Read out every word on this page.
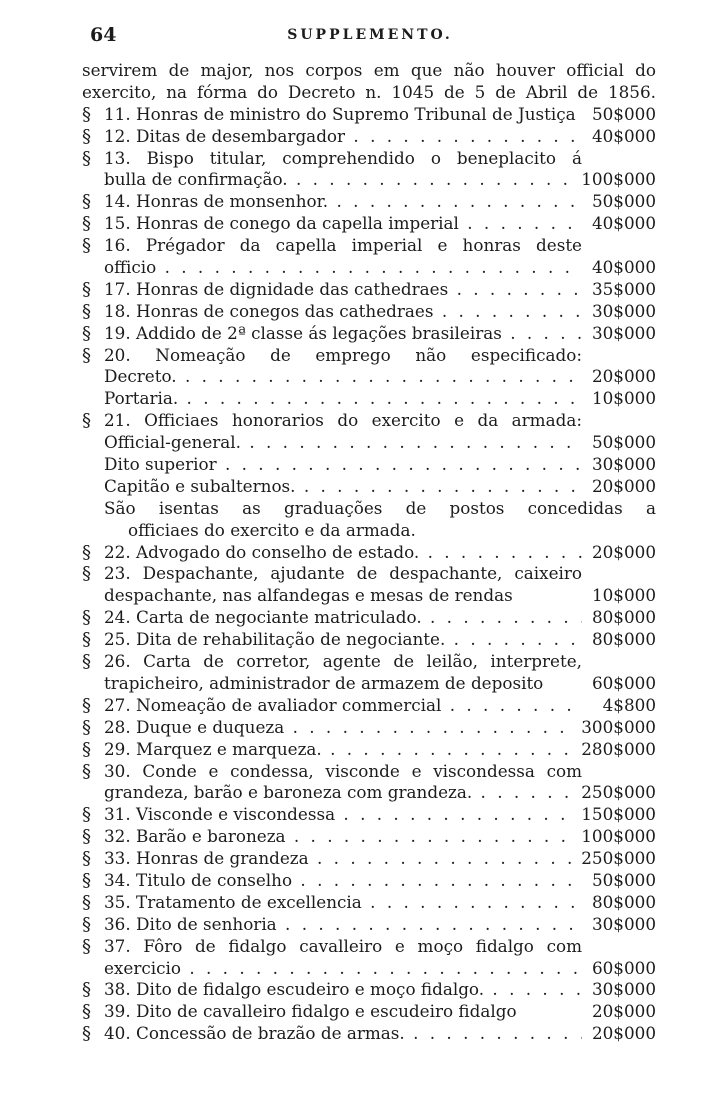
64	SUPPLEMENTO.
servirem de major, nos corpos em que não houver official do
exercito, na fórma do Decreto n. 1045 de 5 de Abril de 1856.
§ 11. Honras de ministro do Supremo Tribunal de Justiça . . . 50$000
§ 12. Ditas de desembargador . . .	40$000
§ 13. Bispo titular, comprehendido o beneplacito á
bulla de confirmação. . . .	100$000
§ 14. Honras de monsenhor. . . .	50$000
§ 15. Honras de conego da capella imperial . . .	40$000
§ 16. Prégador da capella imperial e honras deste
officio . . .	40$000
§ 17. Honras de dignidade das cathedraes . . .	35$000
§ 18. Honras de conegos das cathedraes . . .	30$000
§ 19. Addido de 2ª classe ás legações brasileiras . . .	30$000
§ 20. Nomeação de emprego não especificado:
Decreto. . . .	20$000
Portaria. . . .	10$000
§ 21. Officiaes honorarios do exercito e da armada:
Official-general. . . .	50$000
Dito superior . . .	30$000
Capitão e subalternos. . . .	20$000
São isentas as graduações de postos concedidas a
officiaes do exercito e da armada.
§ 22. Advogado do conselho de estado. . . .	20$000
§ 23. Despachante, ajudante de despachante, caixeiro
despachante, nas alfandegas e mesas de rendas	10$000
§ 24. Carta de negociante matriculado. . . .	80$000
§ 25. Dita de rehabilitação de negociante. . . .	80$000
§ 26. Carta de corretor, agente de leilão, interprete,
trapicheiro, administrador de armazem de deposito	60$000
§ 27. Nomeação de avaliador commercial . . .	4$800
§ 28. Duque e duqueza . . .	300$000
§ 29. Marquez e marqueza. . . .	280$000
§ 30. Conde e condessa, visconde e viscondessa com
grandeza, barão e baroneza com grandeza. . . .	250$000
§ 31. Visconde e viscondessa . . .	150$000
§ 32. Barão e baroneza . . .	100$000
§ 33. Honras de grandeza . . .	250$000
§ 34. Titulo de conselho . . .	50$000
§ 35. Tratamento de excellencia . . .	80$000
§ 36. Dito de senhoria . . .	30$000
§ 37. Fôro de fidalgo cavalleiro e moço fidalgo com
exercicio . . .	60$000
§ 38. Dito de fidalgo escudeiro e moço fidalgo. . . .	30$000
§ 39. Dito de cavalleiro fidalgo e escudeiro fidalgo	20$000
§ 40. Concessão de brazão de armas. . . .	20$000
